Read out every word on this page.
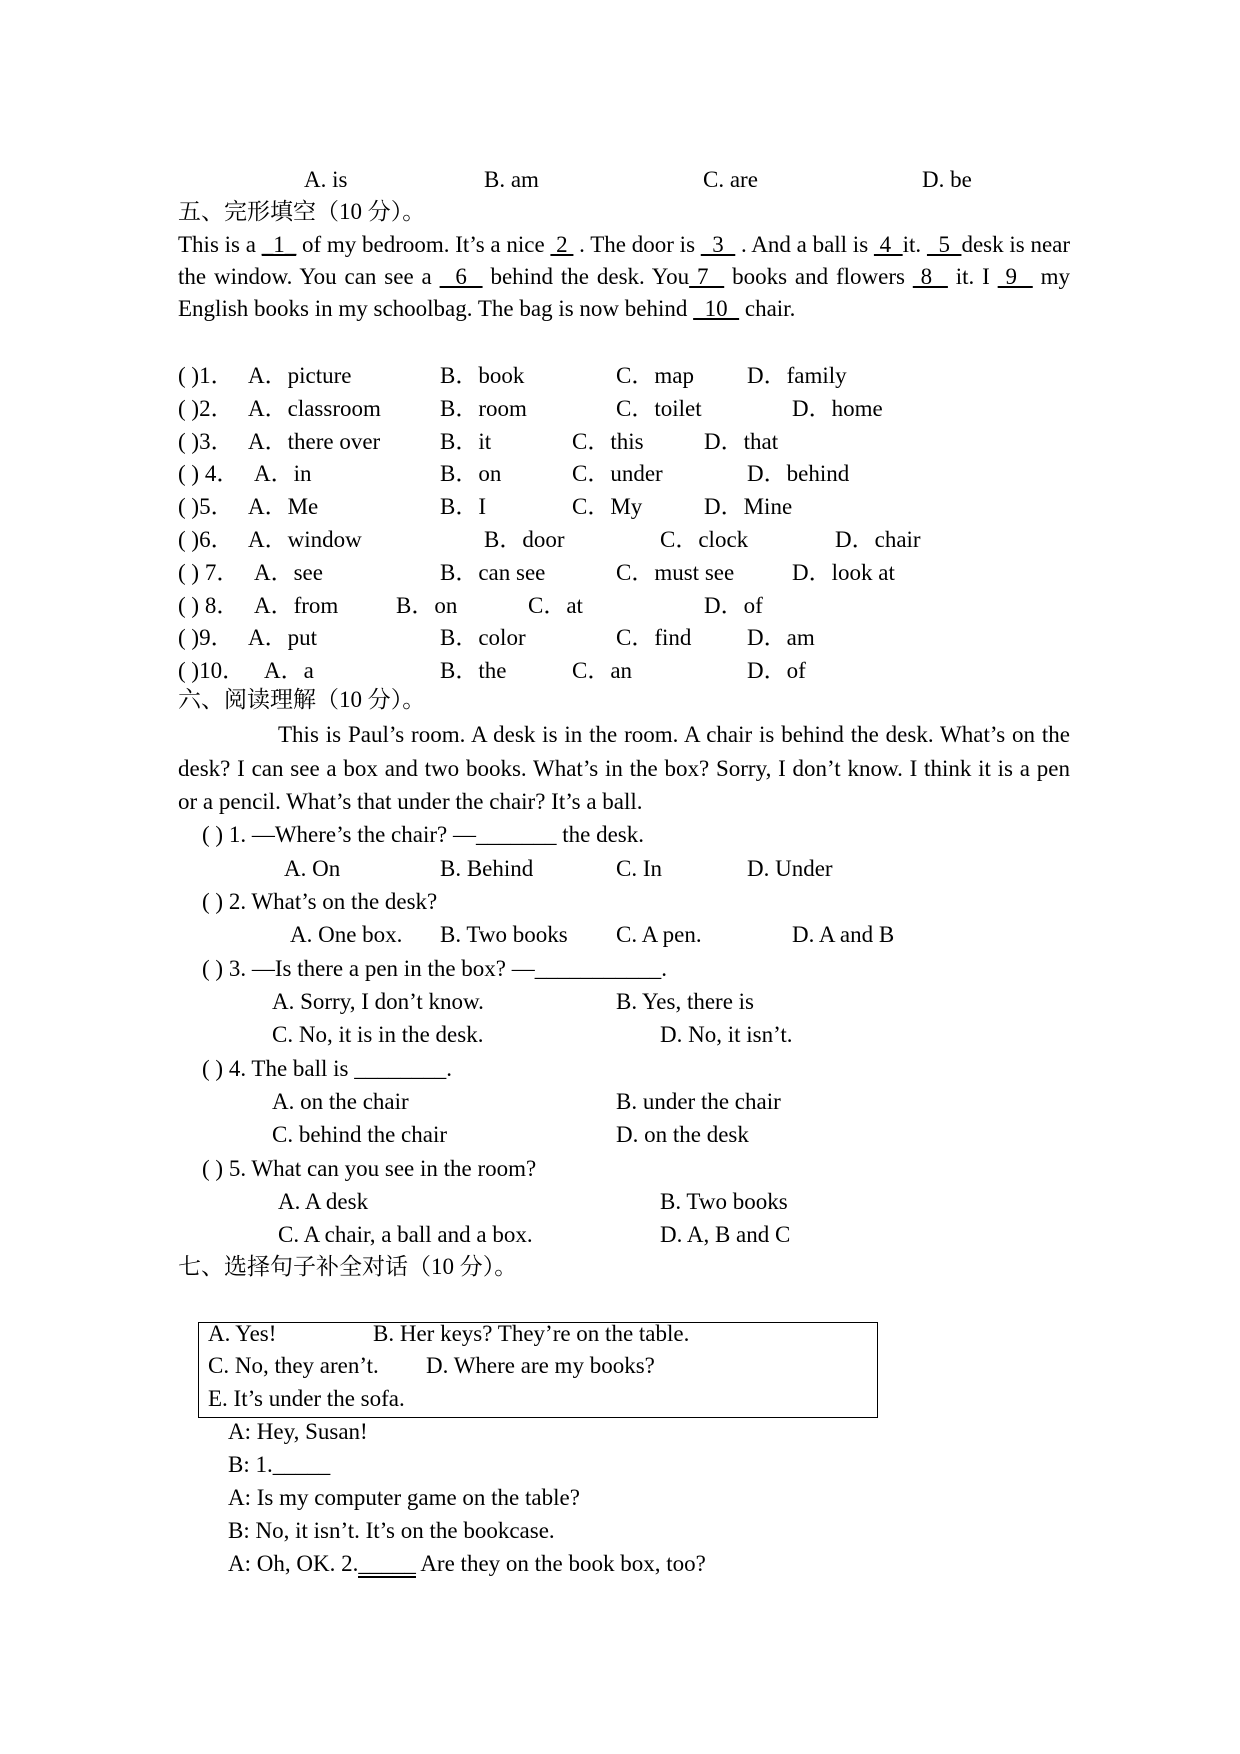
A. is	B. am	C. are	D. be
五、完形填空（10 分）。

This is a _1_ of my bedroom. It’s a nice  2  . The door is   3   . And a ball is  4  it.   5  desk is near the window. You can see a   6   behind the desk. You 7   books and flowers  8   it. I  9   my English books in my schoolbag. The bag is now behind   10   chair.

( )1． A．picture	B．book	C．map D．family
( )2． A．classroom	B．room	C．toilet	D．home
( )3． A．there over	B．it	C．this	D．that
( ) 4． A．in	B．on	C．under	D．behind
( )5． A．Me	B．I	C．My	D．Mine
( )6． A．window	B．door	C．clock	D．chair
( ) 7． A．see	B．can see	C．must see	D．look at
( ) 8． A．from	B．on	C．at	D．of
( )9． A．put	B．color	C．find D．am
( )10． A．a	B．the	C．an	D．of
六、阅读理解（10 分）。

This is Paul’s room. A desk is in the room. A chair is behind the desk. What’s on the desk? I can see a box and two books. What’s in the box? Sorry, I don’t know. I think it is a pen or a pencil. What’s that under the chair? It’s a ball.

( ) 1. —Where’s the chair? —_______ the desk.
A. On	B. Behind	C. In	D. Under
( ) 2. What’s on the desk?
A. One box. B. Two books C. A pen.	D. A and B
( ) 3. —Is there a pen in the box? —___________.
A. Sorry, I don’t know.	B. Yes, there is
C. No, it is in the desk.	D. No, it isn’t.
( ) 4. The ball is ________.
A. on the chair	B. under the chair
C. behind the chair	D. on the desk
( ) 5. What can you see in the room?
A. A desk	B. Two books
C. A chair, a ball and a box.	D. A, B and C
七、选择句子补全对话（10 分）。
A. Yes!	B. Her keys? They’re on the table.
C. No, they aren’t. D. Where are my books?
E. It’s under the sofa.
A: Hey, Susan!
B: 1._____
A: Is my computer game on the table?
B: No, it isn’t. It’s on the bookcase.
A: Oh, OK. 2._____ Are they on the book box, too?
